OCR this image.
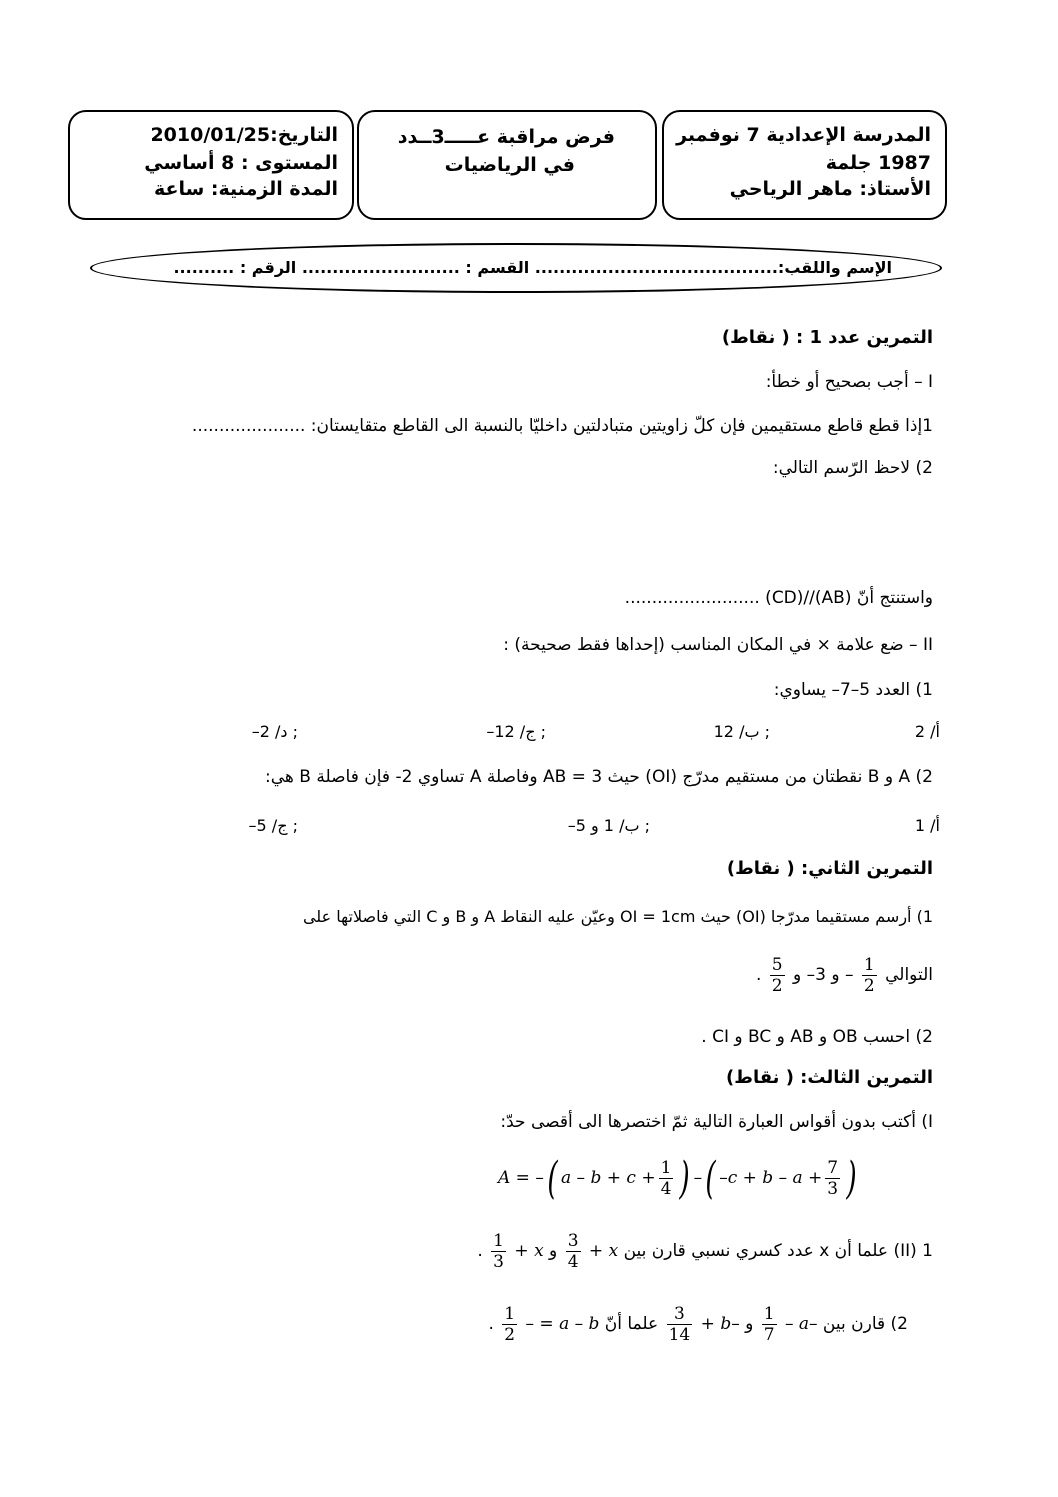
المدرسة الإعدادية 7 نوفمبر
1987 جلمة
الأستاذ: ماهر الرياحي
فرض مراقبة عـــــ3ــدد
في الرياضيات
التاريخ:2010/01/25
المستوى : 8 أساسي
المدة الزمنية: ساعة
الإسم واللقب:........................................ القسم : .......................... الرقم : ..........
التمرين عدد 1 : ( نقاط)
I – أجب بصحيح أو خطأ:
1إذا قطع قاطع مستقيمين فإن كلّ زاويتين متبادلتين داخليّا بالنسبة الى القاطع متقايستان: .....................
2) لاحظ الرّسم التالي:
واستنتج أنّ (AB)//(CD) .........................
II – ضع علامة × في المكان المناسب (إحداها فقط صحيحة) :
1) العدد 5–7– يساوي:
أ/ 2
; ب/ 12
; ج/ 12–
; د/ 2–
2) A و B نقطتان من مستقيم مدرّج (OI) حيث AB = 3 وفاصلة A تساوي 2- فإن فاصلة B هي:
أ/ 1
; ب/ 1 و 5–
; ج/ 5–
التمرين الثاني: ( نقاط)
1) أرسم مستقيما مدرّجا (OI) حيث OI = 1cm وعيّن عليه النقاط A و B و C التي فاصلاتها على
التوالي
$\frac{1}{2}$
– و 3– و
$\frac{5}{2}$
.
2) احسب OB و AB و BC و CI .
التمرين الثالث: ( نقاط)
I) أكتب بدون أقواس العبارة التالية ثمّ اختصرها الى أقصى حدّ:
A = –( $a - b + c + \frac{1}{4}$ ) –( $-c + b - a + \frac{7}{3}$ )
1 (II) علما أن x عدد كسري نسبي قارن بين x +
$\frac{3}{4}$
و x +
$\frac{1}{3}$
.
2) قارن بين –a –
$\frac{1}{7}$
و –b +
$\frac{3}{14}$
علما أنّ a – b = –
$\frac{1}{2}$
.
